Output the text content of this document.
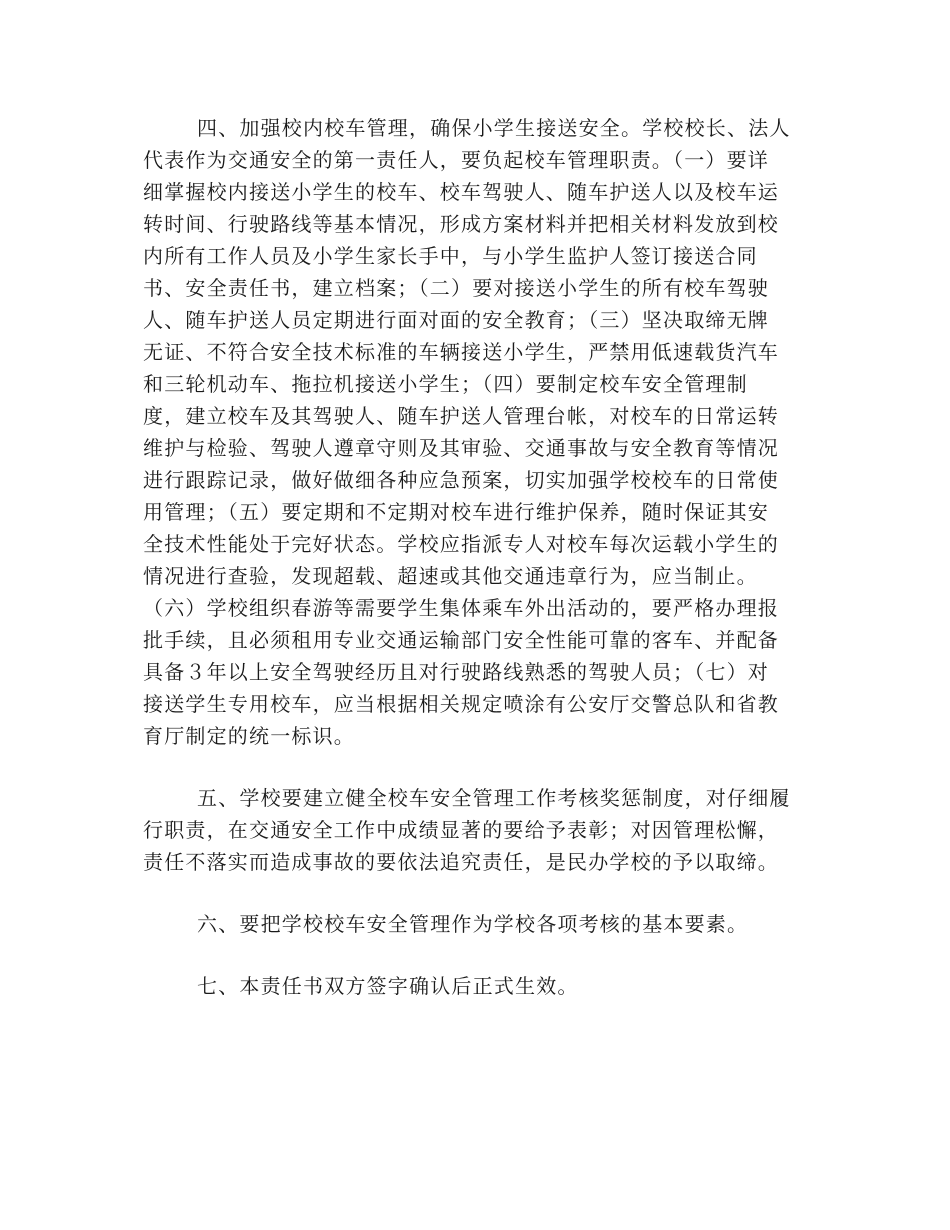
四、加强校内校车管理，确保小学生接送安全。学校校长、法人
代表作为交通安全的第一责任人，要负起校车管理职责。（一）要详
细掌握校内接送小学生的校车、校车驾驶人、随车护送人以及校车运
转时间、行驶路线等基本情况，形成方案材料并把相关材料发放到校
内所有工作人员及小学生家长手中，与小学生监护人签订接送合同
书、安全责任书，建立档案；（二）要对接送小学生的所有校车驾驶
人、随车护送人员定期进行面对面的安全教育；（三）坚决取缔无牌
无证、不符合安全技术标准的车辆接送小学生，严禁用低速载货汽车
和三轮机动车、拖拉机接送小学生；（四）要制定校车安全管理制
度，建立校车及其驾驶人、随车护送人管理台帐，对校车的日常运转
维护与检验、驾驶人遵章守则及其审验、交通事故与安全教育等情况
进行跟踪记录，做好做细各种应急预案，切实加强学校校车的日常使
用管理；（五）要定期和不定期对校车进行维护保养，随时保证其安
全技术性能处于完好状态。学校应指派专人对校车每次运载小学生的
情况进行查验，发现超载、超速或其他交通违章行为，应当制止。
（六）学校组织春游等需要学生集体乘车外出活动的，要严格办理报
批手续，且必须租用专业交通运输部门安全性能可靠的客车、并配备
具备３年以上安全驾驶经历且对行驶路线熟悉的驾驶人员；（七）对
接送学生专用校车，应当根据相关规定喷涂有公安厅交警总队和省教
育厅制定的统一标识。
五、学校要建立健全校车安全管理工作考核奖惩制度，对仔细履
行职责，在交通安全工作中成绩显著的要给予表彰；对因管理松懈，
责任不落实而造成事故的要依法追究责任，是民办学校的予以取缔。
六、要把学校校车安全管理作为学校各项考核的基本要素。
七、本责任书双方签字确认后正式生效。
